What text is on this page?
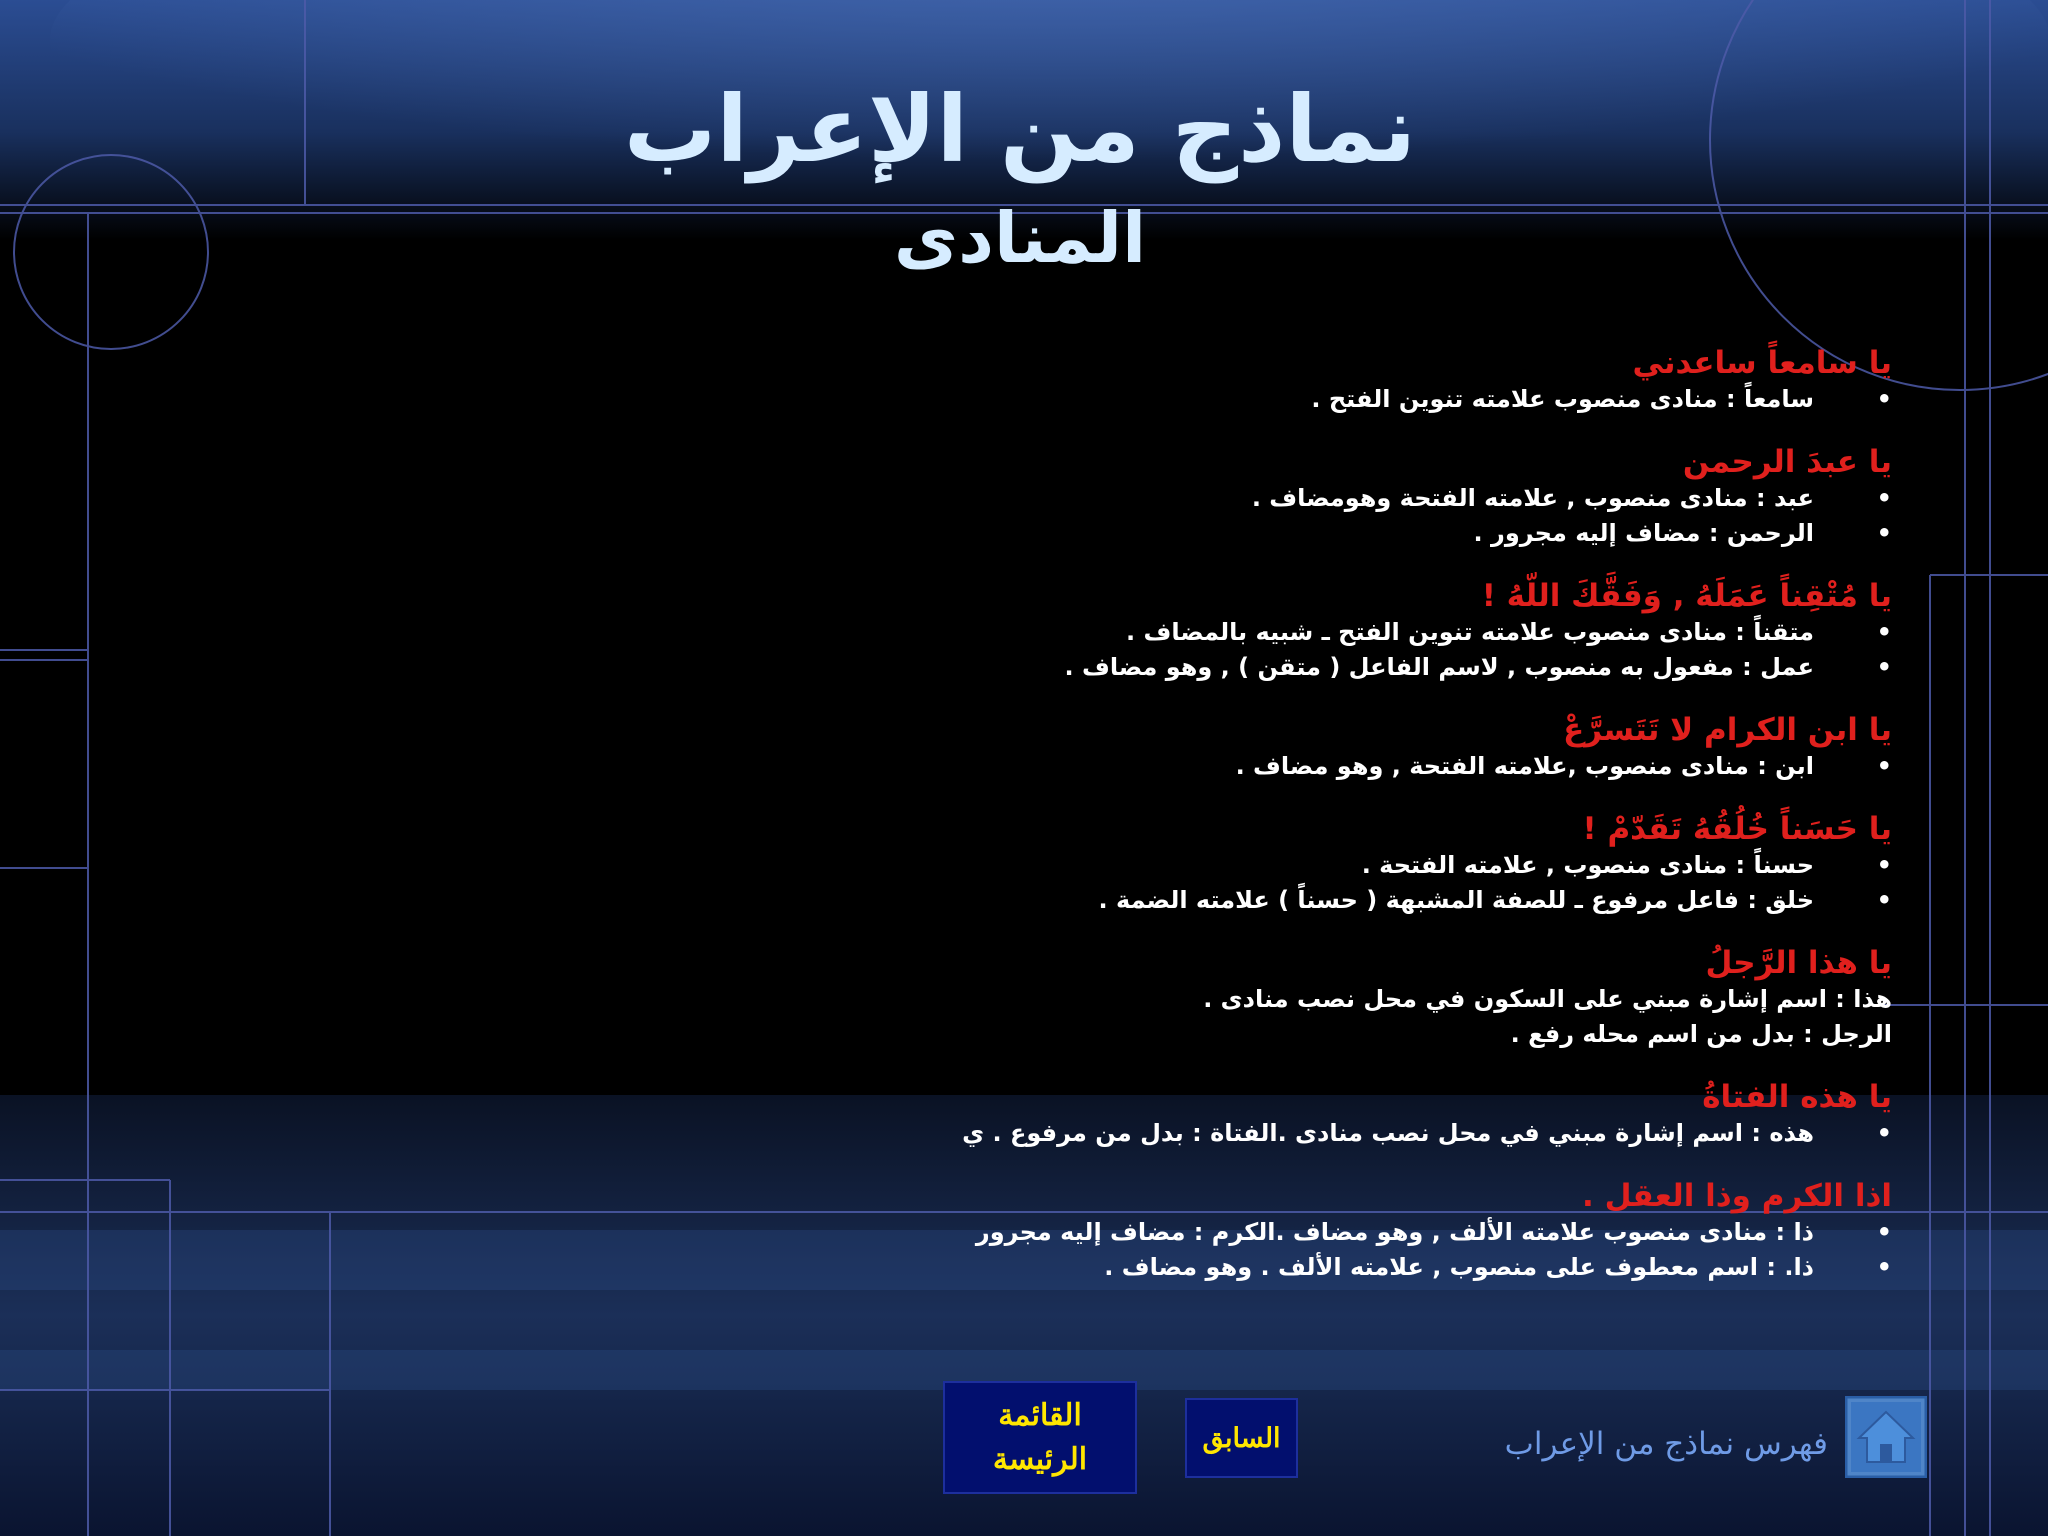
نماذج من الإعراب
المنادى
يا سامعاً ساعدني
•سامعاً : منادى منصوب علامته تنوين الفتح .
يا عبدَ الرحمن
•عبد : منادى منصوب , علامته الفتحة وهومضاف .
•الرحمن : مضاف إليه مجرور .
يا مُتْقِناً عَمَلَهُ , وَفَقَّكَ اللّهُ !
•متقناً : منادى منصوب علامته تنوين الفتح ـ شبيه بالمضاف .
•عمل : مفعول به منصوب , لاسم الفاعل ( متقن ) , وهو مضاف .
يا ابن الكرام لا تَتَسرَّعْ
•ابن : منادى منصوب ,علامته الفتحة , وهو مضاف .
يا حَسَناً خُلُقُهُ تَقَدّمْ !
•حسناً : منادى منصوب , علامته الفتحة .
•خلق : فاعل مرفوع ـ للصفة المشبهة ( حسناً ) علامته الضمة .
يا هذا الرَّجلُ
هذا : اسم إشارة مبني على السكون في محل نصب منادى .
الرجل : بدل من اسم محله رفع .
يا هذه الفتاةُ
•هذه : اسم إشارة مبني في محل نصب منادى .الفتاة : بدل من مرفوع . ي
اذا الكرم وذا العقل .
•ذا : منادى منصوب علامته الألف , وهو مضاف .الكرم : مضاف إليه مجرور
•ذا. : اسم معطوف على منصوب , علامته الألف . وهو مضاف .
القائمة الرئيسة
السابق	فهرس نماذج من الإعراب
